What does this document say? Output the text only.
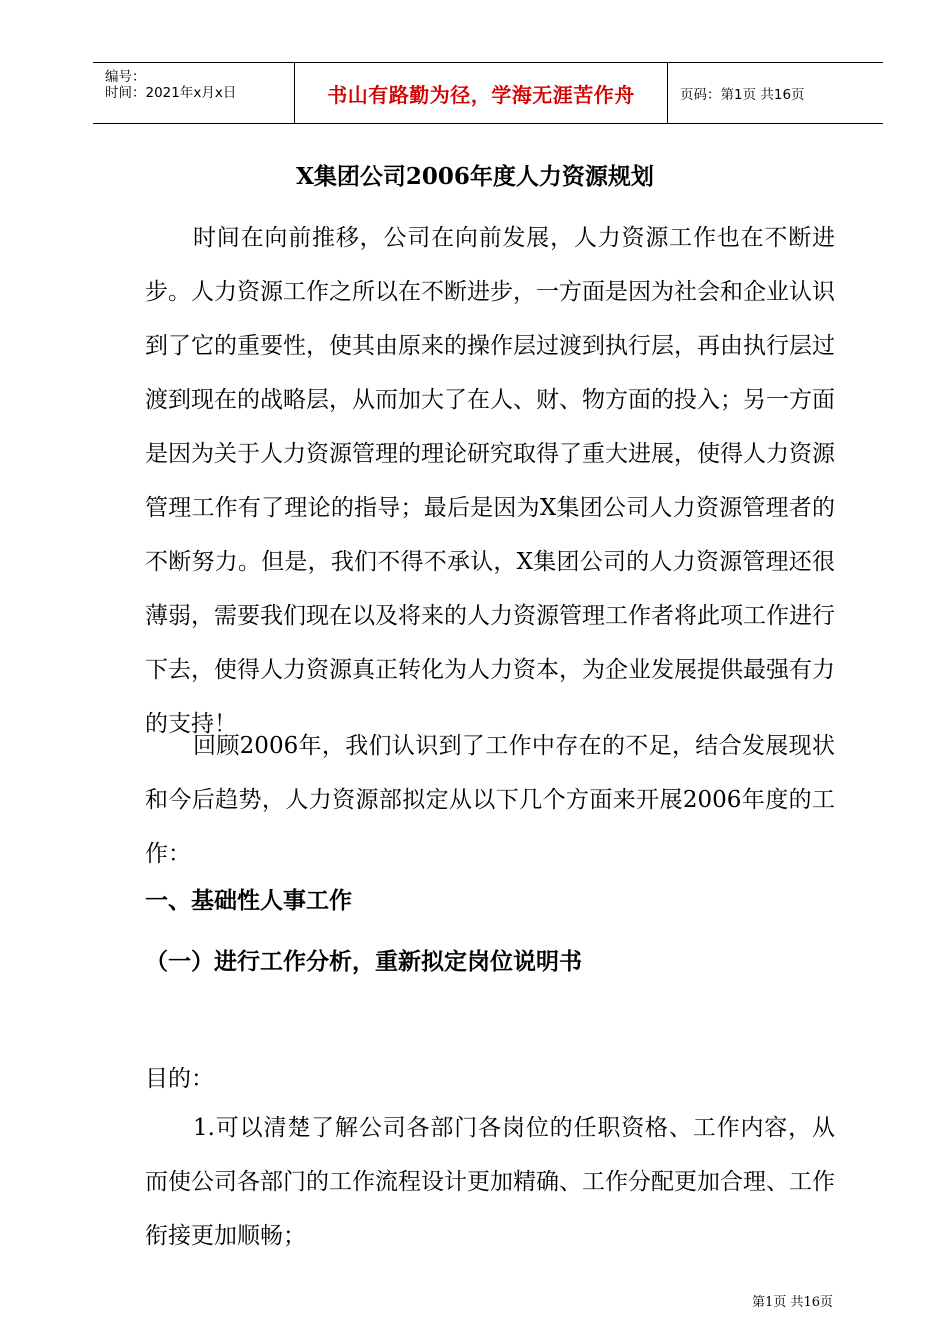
编号：
时间：2021年x月x日	书山有路勤为径，学海无涯苦作舟	页码：第1页 共16页
X集团公司2006年度人力资源规划

时间在向前推移，公司在向前发展，人力资源工作也在不断进步。人力资源工作之所以在不断进步，一方面是因为社会和企业认识到了它的重要性，使其由原来的操作层过渡到执行层，再由执行层过渡到现在的战略层，从而加大了在人、财、物方面的投入；另一方面是因为关于人力资源管理的理论研究取得了重大进展，使得人力资源管理工作有了理论的指导；最后是因为X集团公司人力资源管理者的不断努力。但是，我们不得不承认，X集团公司的人力资源管理还很薄弱，需要我们现在以及将来的人力资源管理工作者将此项工作进行下去，使得人力资源真正转化为人力资本，为企业发展提供最强有力的支持！

回顾2006年，我们认识到了工作中存在的不足，结合发展现状和今后趋势，人力资源部拟定从以下几个方面来开展2006年度的工作：

一、基础性人事工作
（一）进行工作分析，重新拟定岗位说明书

目的：

1.可以清楚了解公司各部门各岗位的任职资格、工作内容，从而使公司各部门的工作流程设计更加精确、工作分配更加合理、工作衔接更加顺畅；

第1页 共16页
